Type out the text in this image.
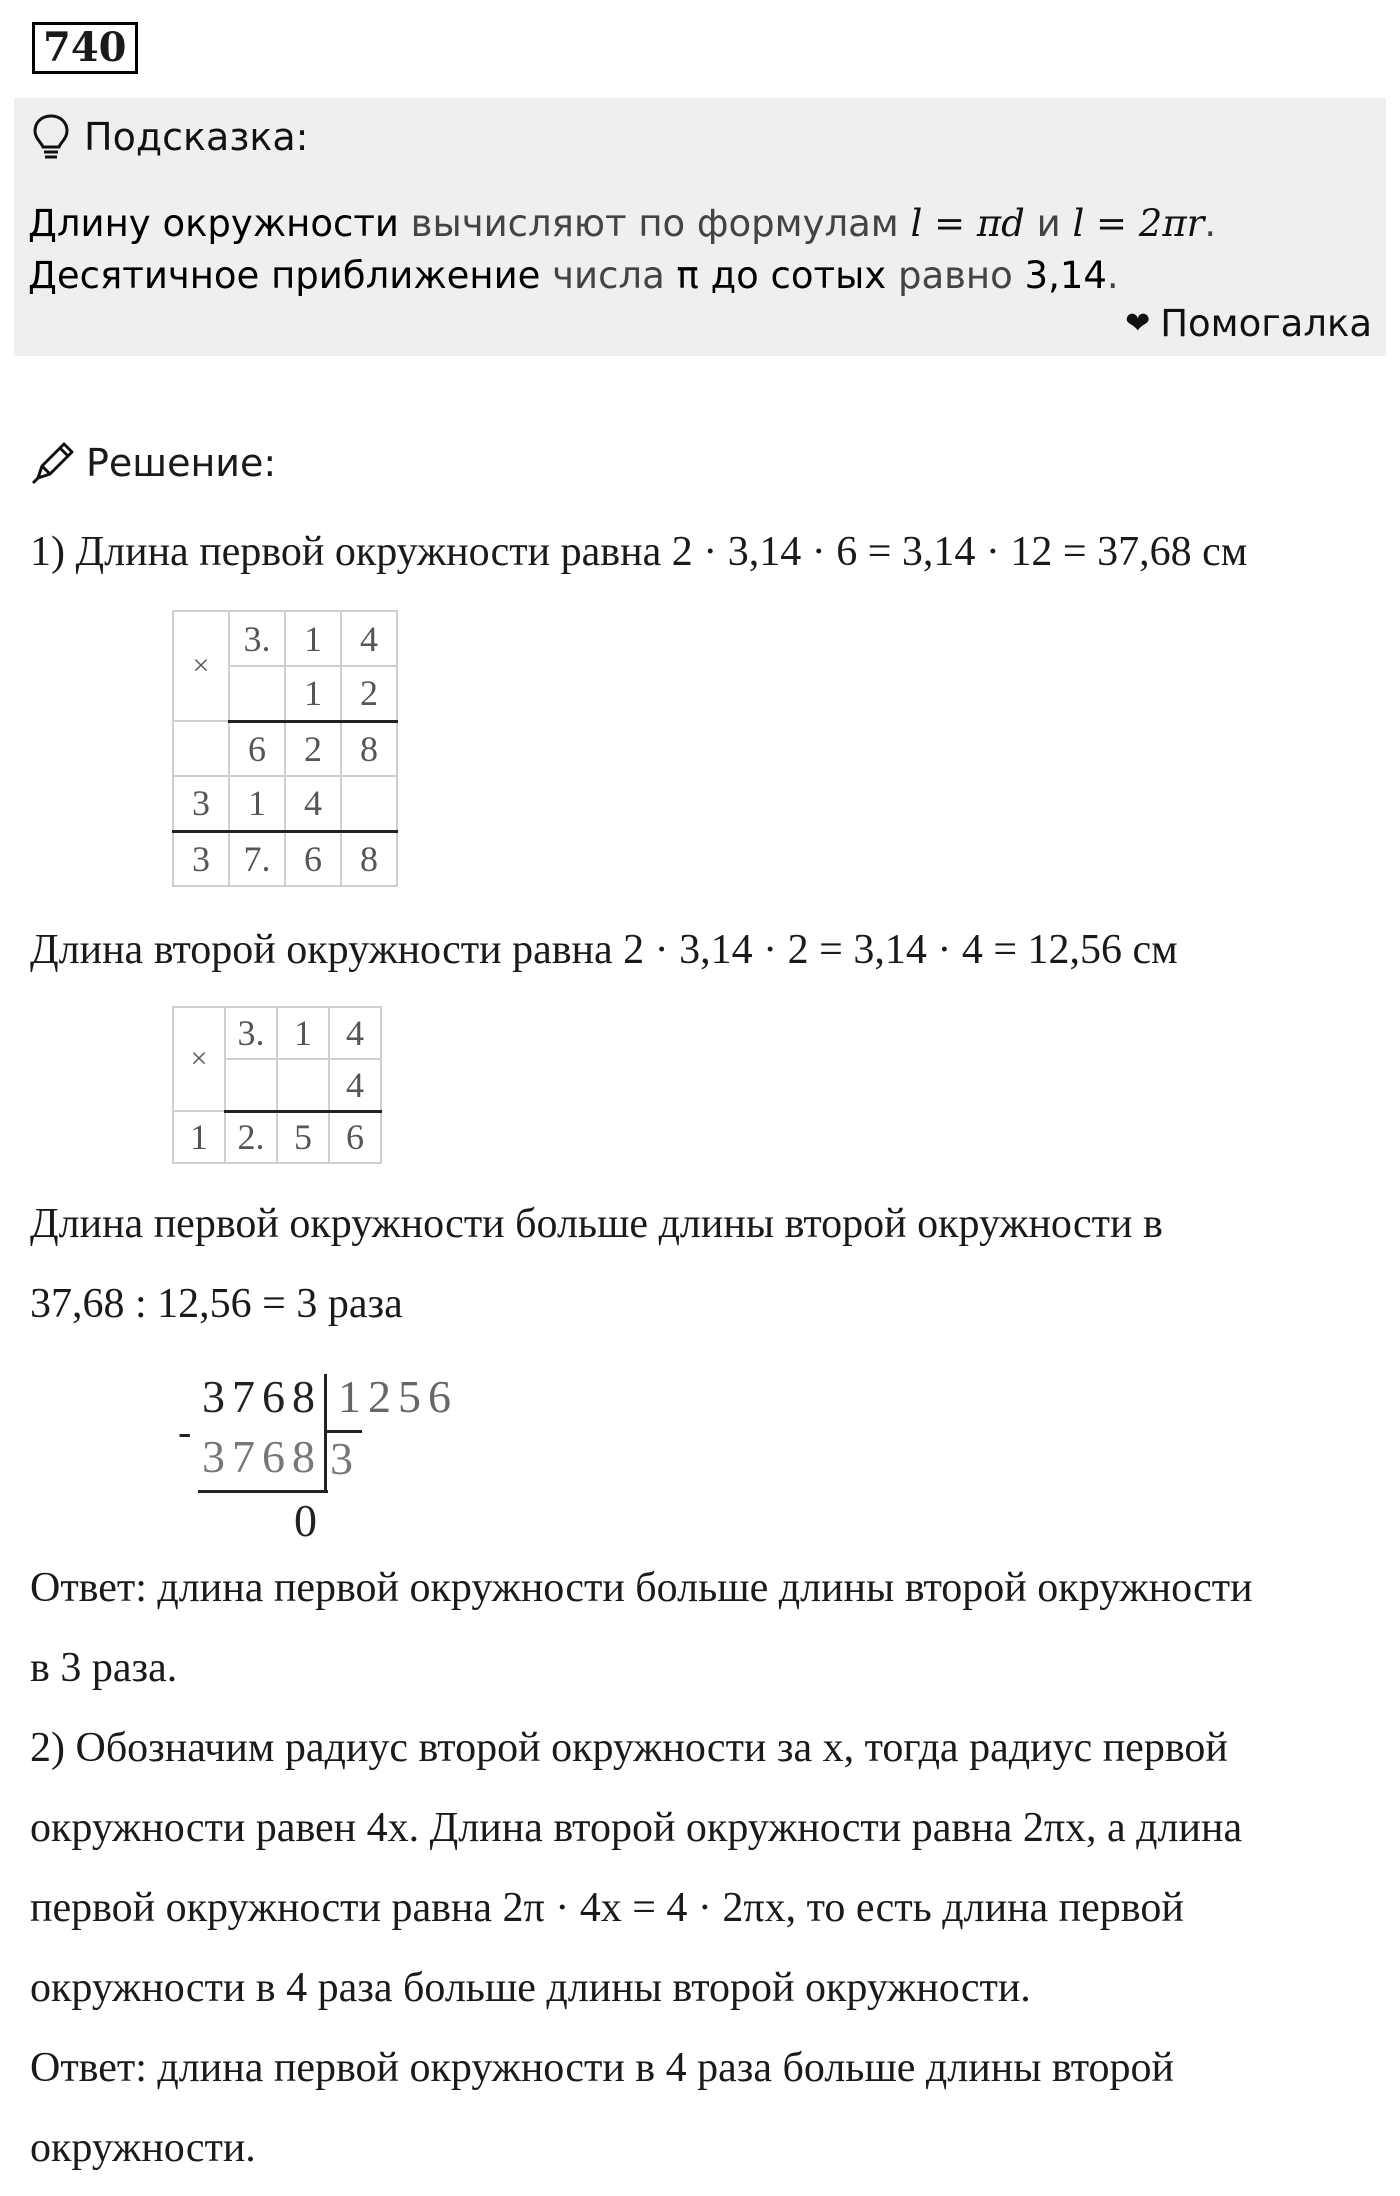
740
Подсказка:
Длину окружности вычисляют по формулам l = πd и l = 2πr.
Десятичное приближение числа π до сотых равно 3,14.
❤ Помогалка
Решение:
1) Длина первой окружности равна 2 · 3,14 · 6 = 3,14 · 12 = 37,68 см
×	3.	1	4
		1	2
	6	2	8
3	1	4	
3	7.	6	8
Длина второй окружности равна 2 · 3,14 · 2 = 3,14 · 4 = 12,56 см
×	3.	1	4
			4
1	2.	5	6
Длина первой окружности больше длины второй окружности в
37,68 : 12,56 = 3 раза
3768 1256
- 3768 3
0
Ответ: длина первой окружности больше длины второй окружности
в 3 раза.
2) Обозначим радиус второй окружности за x, тогда радиус первой
окружности равен 4x. Длина второй окружности равна 2πx, а длина
первой окружности равна 2π · 4x = 4 · 2πx, то есть длина первой
окружности в 4 раза больше длины второй окружности.
Ответ: длина первой окружности в 4 раза больше длины второй
окружности.
